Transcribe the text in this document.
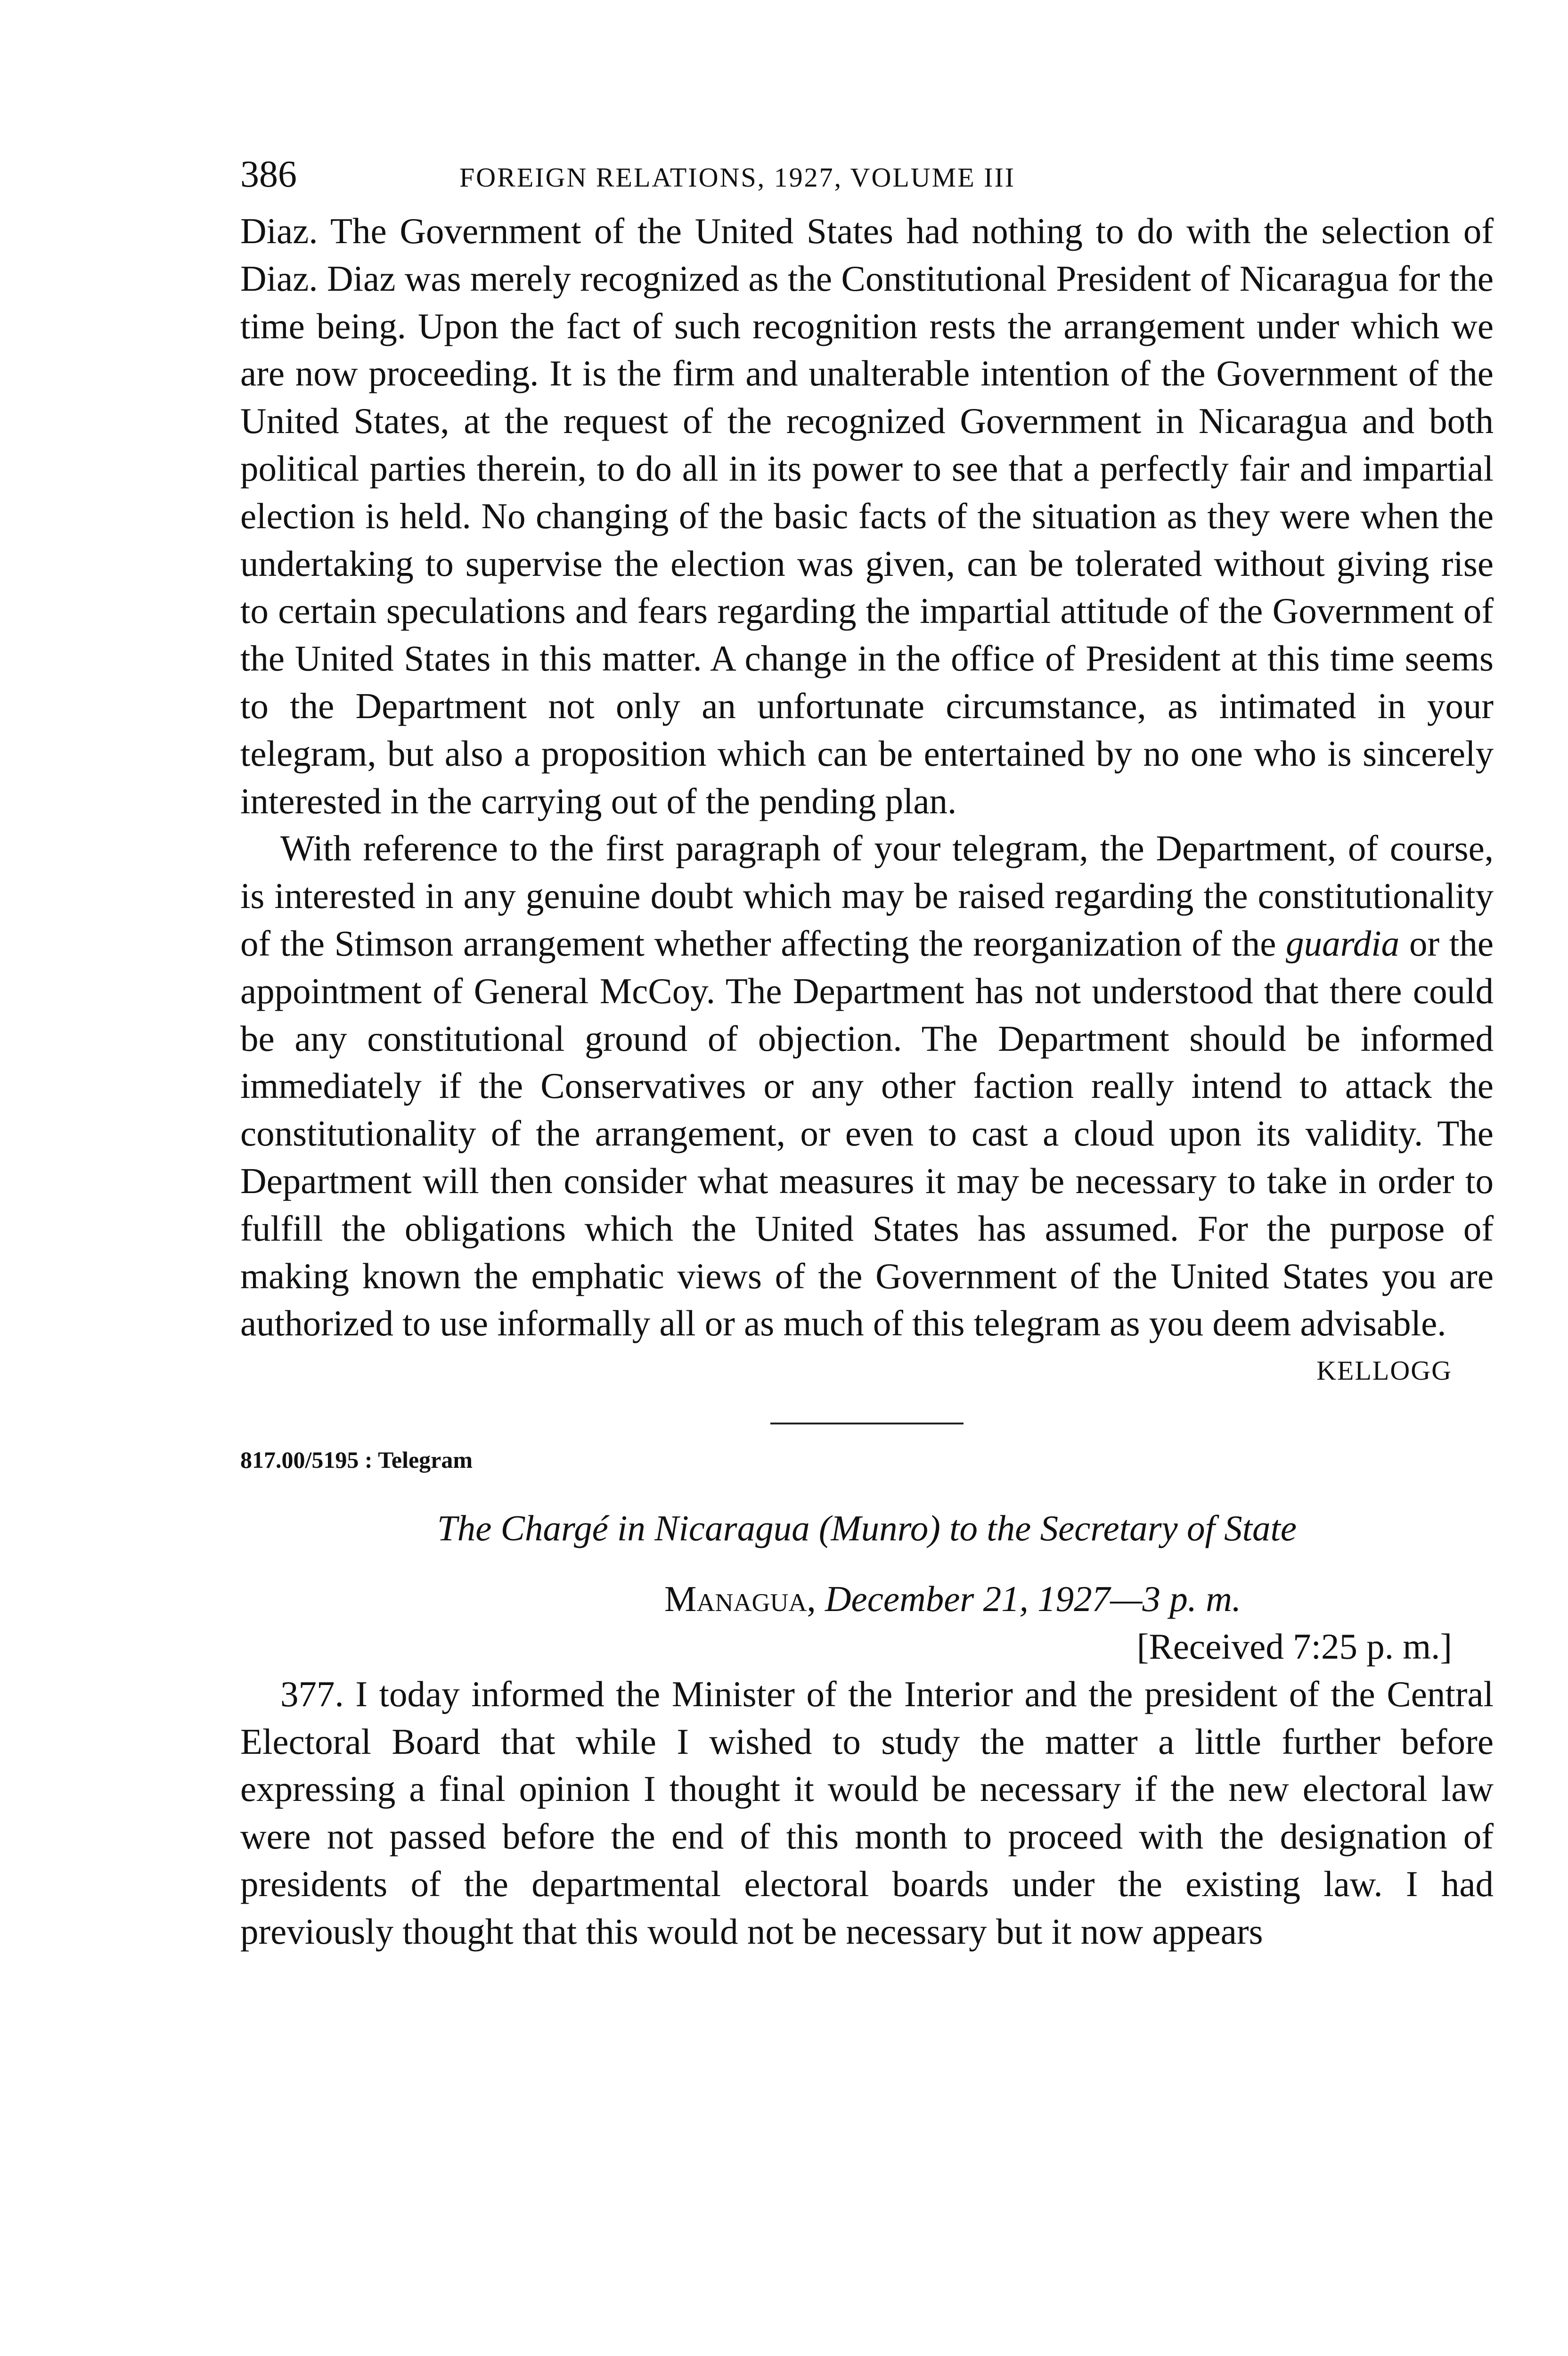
386	FOREIGN RELATIONS, 1927, VOLUME III

Diaz. The Government of the United States had nothing to do with the selection of Diaz. Diaz was merely recognized as the Constitutional President of Nicaragua for the time being. Upon the fact of such recognition rests the arrangement under which we are now proceeding. It is the firm and unalterable intention of the Government of the United States, at the request of the recognized Government in Nicaragua and both political parties therein, to do all in its power to see that a perfectly fair and impartial election is held. No changing of the basic facts of the situation as they were when the undertaking to supervise the election was given, can be tolerated without giving rise to certain speculations and fears regarding the impartial attitude of the Government of the United States in this matter. A change in the office of President at this time seems to the Department not only an unfortunate circumstance, as intimated in your telegram, but also a proposition which can be entertained by no one who is sincerely interested in the carrying out of the pending plan.

With reference to the first paragraph of your telegram, the Department, of course, is interested in any genuine doubt which may be raised regarding the constitutionality of the Stimson arrangement whether affecting the reorganization of the guardia or the appointment of General McCoy. The Department has not understood that there could be any constitutional ground of objection. The Department should be informed immediately if the Conservatives or any other faction really intend to attack the constitutionality of the arrangement, or even to cast a cloud upon its validity. The Department will then consider what measures it may be necessary to take in order to fulfill the obligations which the United States has assumed. For the purpose of making known the emphatic views of the Government of the United States you are authorized to use informally all or as much of this telegram as you deem advisable.

KELLOGG
817.00/5195 : Telegram
The Chargé in Nicaragua (Munro) to the Secretary of State
Managua, December 21, 1927—3 p. m.
[Received 7:25 p. m.]

377. I today informed the Minister of the Interior and the president of the Central Electoral Board that while I wished to study the matter a little further before expressing a final opinion I thought it would be necessary if the new electoral law were not passed before the end of this month to proceed with the designation of presidents of the departmental electoral boards under the existing law. I had previously thought that this would not be necessary but it now appears
